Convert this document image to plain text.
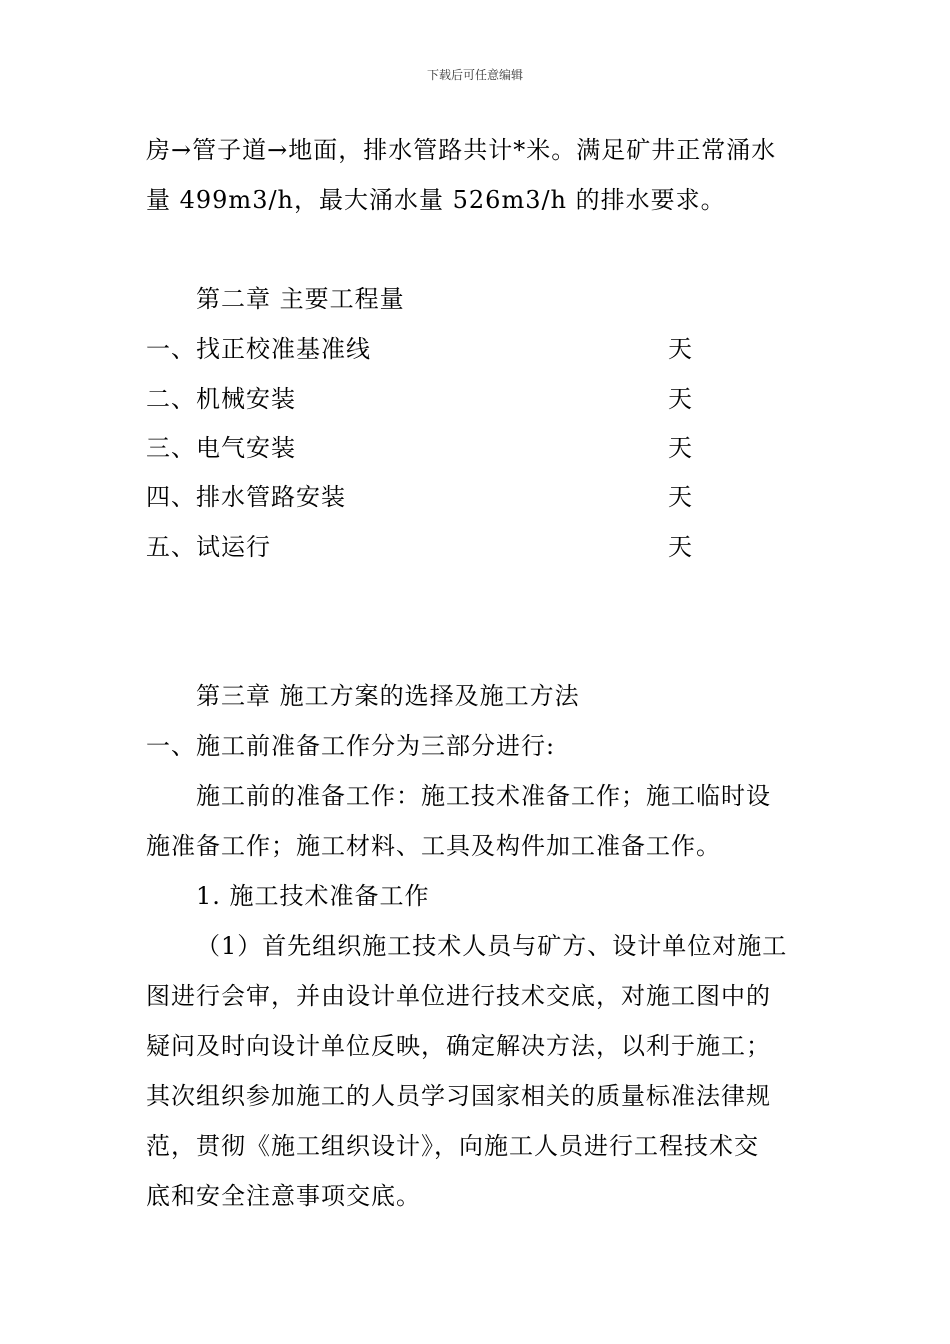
下载后可任意编辑
房→管子道→地面，排水管路共计*米。满足矿井正常涌水
量 499m3/h，最大涌水量 526m3/h 的排水要求。
第二章 主要工程量
一、找正校准基准线	天
二、机械安装	天
三、电气安装	天
四、排水管路安装	天
五、试运行	天
第三章 施工方案的选择及施工方法
一、施工前准备工作分为三部分进行:
施工前的准备工作：施工技术准备工作；施工临时设
施准备工作；施工材料、工具及构件加工准备工作。
1. 施工技术准备工作
（1）首先组织施工技术人员与矿方、设计单位对施工
图进行会审，并由设计单位进行技术交底，对施工图中的
疑问及时向设计单位反映，确定解决方法，以利于施工；
其次组织参加施工的人员学习国家相关的质量标准法律规
范，贯彻《施工组织设计》，向施工人员进行工程技术交
底和安全注意事项交底。
